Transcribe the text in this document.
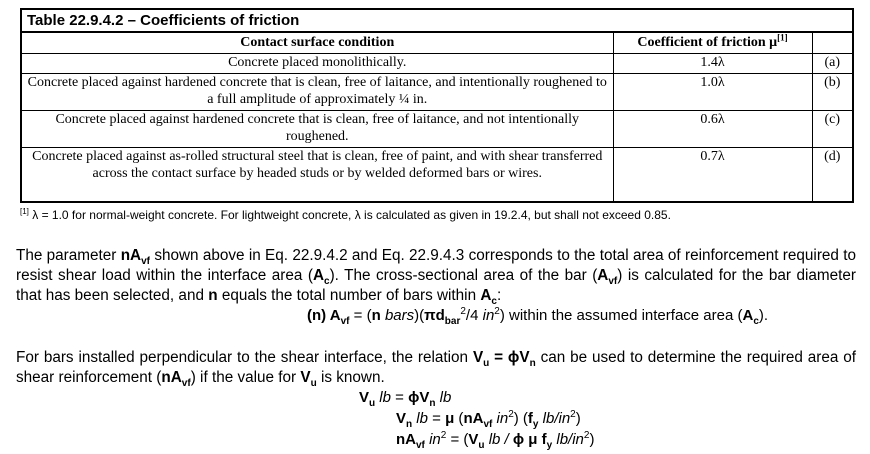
Table 22.9.4.2 – Coefficients of friction
Contact surface condition	Coefficient of friction μ[1]	
Concrete placed monolithically.	1.4λ	(a)
Concrete placed against hardened concrete that is clean, free of laitance, and intentionally roughened to a full amplitude of approximately ¼ in.	1.0λ	(b)
Concrete placed against hardened concrete that is clean, free of laitance, and not intentionally roughened.	0.6λ	(c)
Concrete placed against as-rolled structural steel that is clean, free of paint, and with shear transferred across the contact surface by headed studs or by welded deformed bars or wires.	0.7λ	(d)
[1] λ = 1.0 for normal-weight concrete. For lightweight concrete, λ is calculated as given in 19.2.4, but shall not exceed 0.85.
The parameter $nA_{vf}$ shown above in Eq. 22.9.4.2 and Eq. 22.9.4.3 corresponds to the total area of reinforcement required to resist shear load within the interface area $(A_c)$. The cross-sectional area of the bar $(A_{vf})$ is calculated for the bar diameter that has been selected, and n equals the total number of bars within $A_c$:
(n) $A_{vf} = (n$ $bars)(\pi d_{bar}^2/4$ $in^2$) within the assumed interface area $(A_c)$.
For bars installed perpendicular to the shear interface, the relation $V_u = \phi V_n$ can be used to determine the required area of shear reinforcement $(nA_{vf})$ if the value for $V_u$ is known.
$V_u$ lb = $\phi V_n$ lb
$V_n$ lb = μ ($nA_{vf}$ $in^2$) ($f_y$ $lb/in^2$)
$nA_{vf}$ $in^2 = (V_u$ lb / ϕ μ $f_y$ $lb/in^2$)
